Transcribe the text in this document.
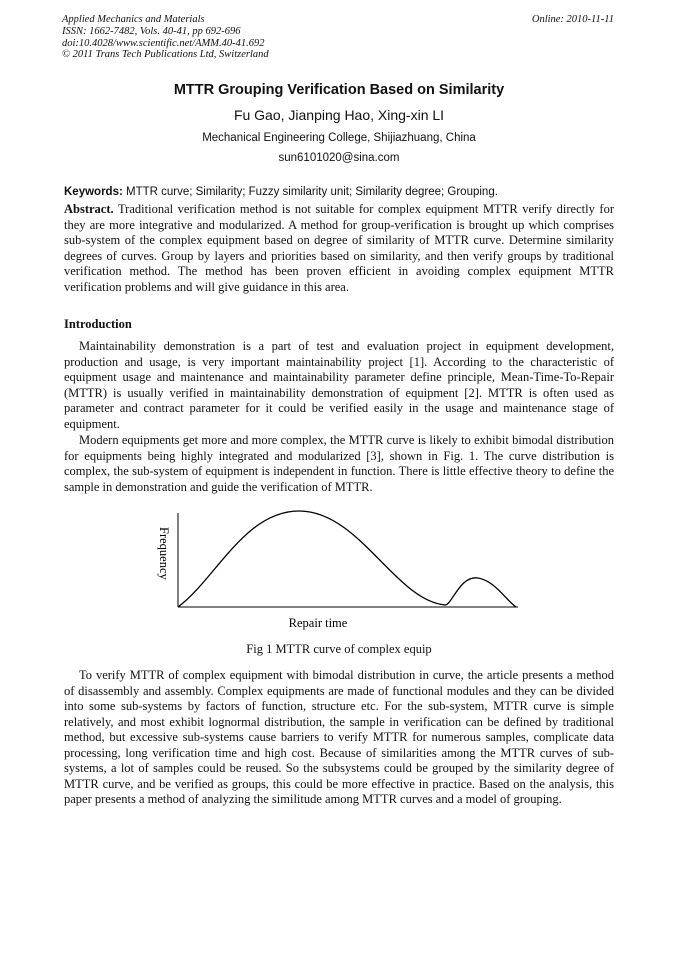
Applied Mechanics and Materials
ISSN: 1662-7482, Vols. 40-41, pp 692-696
doi:10.4028/www.scientific.net/AMM.40-41.692
© 2011 Trans Tech Publications Ltd, Switzerland
Online: 2010-11-11
MTTR Grouping Verification Based on Similarity
Fu Gao, Jianping Hao, Xing-xin LI
Mechanical Engineering College, Shijiazhuang, China
sun6101020@sina.com
Keywords: MTTR curve; Similarity; Fuzzy similarity unit; Similarity degree; Grouping.
Abstract. Traditional verification method is not suitable for complex equipment MTTR verify directly for they are more integrative and modularized. A method for group-verification is brought up which comprises sub-system of the complex equipment based on degree of similarity of MTTR curve. Determine similarity degrees of curves. Group by layers and priorities based on similarity, and then verify groups by traditional verification method. The method has been proven efficient in avoiding complex equipment MTTR verification problems and will give guidance in this area.
Introduction
Maintainability demonstration is a part of test and evaluation project in equipment development, production and usage, is very important maintainability project [1]. According to the characteristic of equipment usage and maintenance and maintainability parameter define principle, Mean-Time-To-Repair (MTTR) is usually verified in maintainability demonstration of equipment [2]. MTTR is often used as parameter and contract parameter for it could be verified easily in the usage and maintenance stage of equipment.
Modern equipments get more and more complex, the MTTR curve is likely to exhibit bimodal distribution for equipments being highly integrated and modularized [3], shown in Fig. 1. The curve distribution is complex, the sub-system of equipment is independent in function. There is little effective theory to define the sample in demonstration and guide the verification of MTTR.
Frequency
Repair time
Fig 1 MTTR curve of complex equip
To verify MTTR of complex equipment with bimodal distribution in curve, the article presents a method of disassembly and assembly. Complex equipments are made of functional modules and they can be divided into some sub-systems by factors of function, structure etc. For the sub-system, MTTR curve is simple relatively, and most exhibit lognormal distribution, the sample in verification can be defined by traditional method, but excessive sub-systems cause barriers to verify MTTR for numerous samples, complicate data processing, long verification time and high cost. Because of similarities among the MTTR curves of sub-systems, a lot of samples could be reused. So the subsystems could be grouped by the similarity degree of MTTR curve, and be verified as groups, this could be more effective in practice. Based on the analysis, this paper presents a method of analyzing the similitude among MTTR curves and a model of grouping.
